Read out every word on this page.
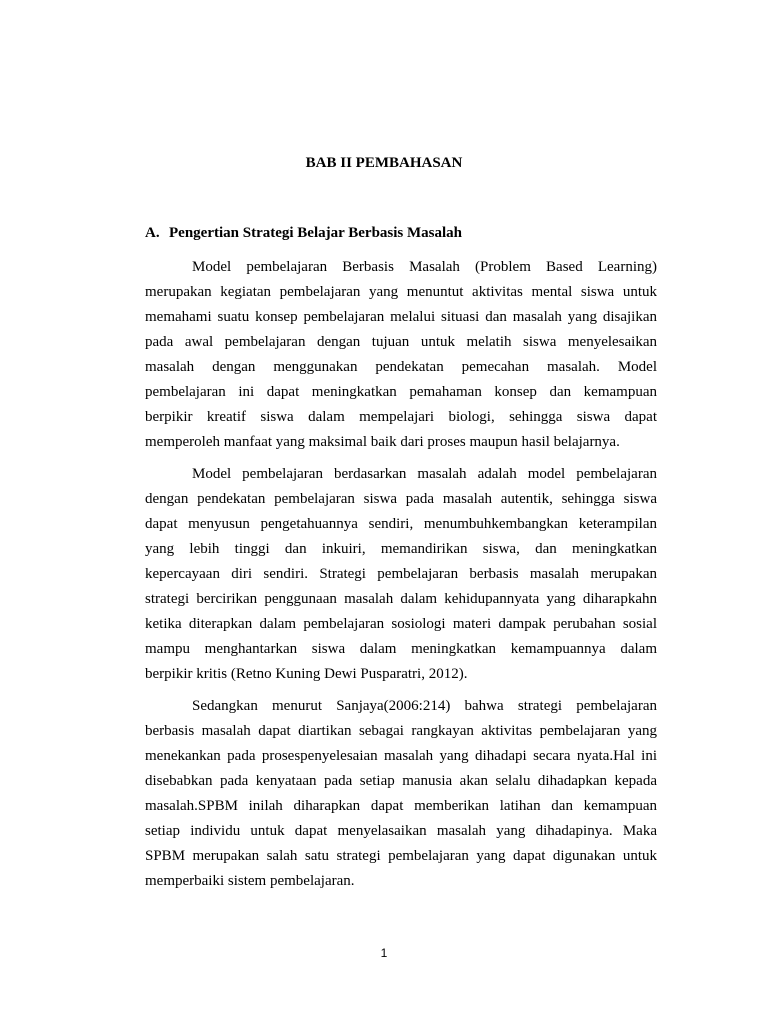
BAB II PEMBAHASAN
A. Pengertian Strategi Belajar Berbasis Masalah

Model pembelajaran Berbasis Masalah (Problem Based Learning)
merupakan kegiatan pembelajaran yang menuntut aktivitas mental siswa untuk
memahami suatu konsep pembelajaran melalui situasi dan masalah yang disajikan
pada awal pembelajaran dengan tujuan untuk melatih siswa menyelesaikan
masalah dengan menggunakan pendekatan pemecahan masalah. Model
pembelajaran ini dapat meningkatkan pemahaman konsep dan kemampuan
berpikir kreatif siswa dalam mempelajari biologi, sehingga siswa dapat
memperoleh manfaat yang maksimal baik dari proses maupun hasil belajarnya.

Model pembelajaran berdasarkan masalah adalah model pembelajaran
dengan pendekatan pembelajaran siswa pada masalah autentik, sehingga siswa
dapat menyusun pengetahuannya sendiri, menumbuhkembangkan keterampilan
yang lebih tinggi dan inkuiri, memandirikan siswa, dan meningkatkan
kepercayaan diri sendiri. Strategi pembelajaran berbasis masalah merupakan
strategi bercirikan penggunaan masalah dalam kehidupannyata yang diharapkahn
ketika diterapkan dalam pembelajaran sosiologi materi dampak perubahan sosial
mampu menghantarkan siswa dalam meningkatkan kemampuannya dalam
berpikir kritis (Retno Kuning Dewi Pusparatri, 2012).

Sedangkan menurut Sanjaya(2006:214) bahwa strategi pembelajaran
berbasis masalah dapat diartikan sebagai rangkayan aktivitas pembelajaran yang
menekankan pada prosespenyelesaian masalah yang dihadapi secara nyata.Hal ini
disebabkan pada kenyataan pada setiap manusia akan selalu dihadapkan kepada
masalah.SPBM inilah diharapkan dapat memberikan latihan dan kemampuan
setiap individu untuk dapat menyelasaikan masalah yang dihadapinya. Maka
SPBM merupakan salah satu strategi pembelajaran yang dapat digunakan untuk
memperbaiki sistem pembelajaran.

1
